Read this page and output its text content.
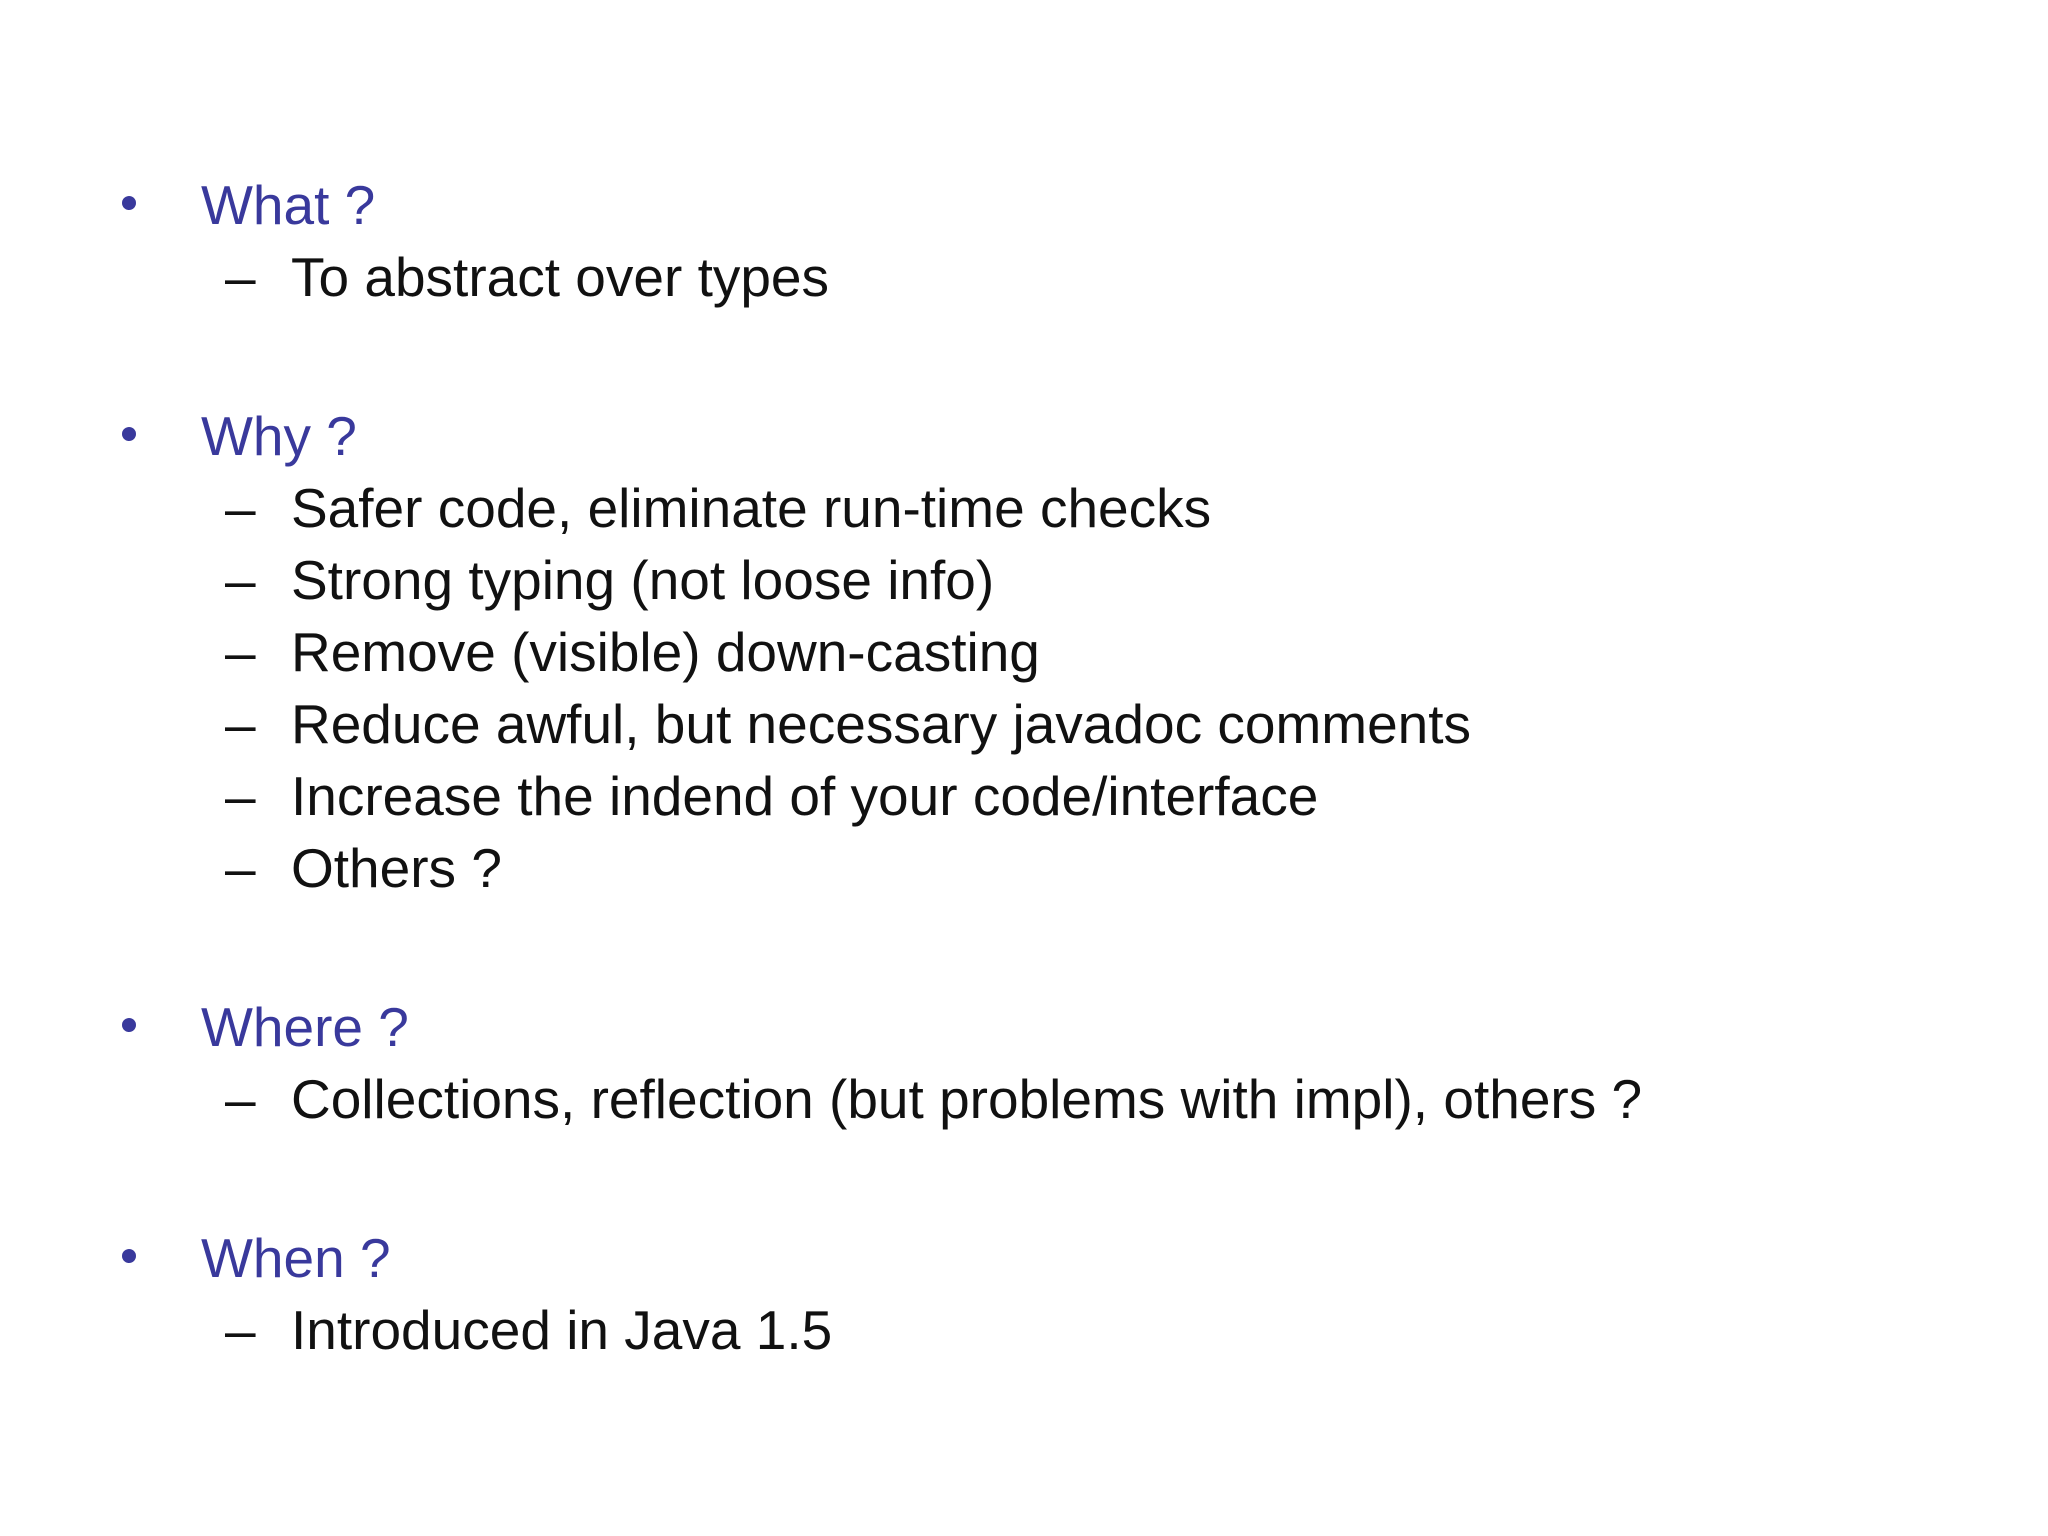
What ?
– To abstract over types
Why ?
– Safer code, eliminate run-time checks
– Strong typing (not loose info)
– Remove (visible) down-casting
– Reduce awful, but necessary javadoc comments
– Increase the indend of your code/interface
– Others ?
Where ?
– Collections, reflection (but problems with impl), others ?
When ?
– Introduced in Java 1.5
